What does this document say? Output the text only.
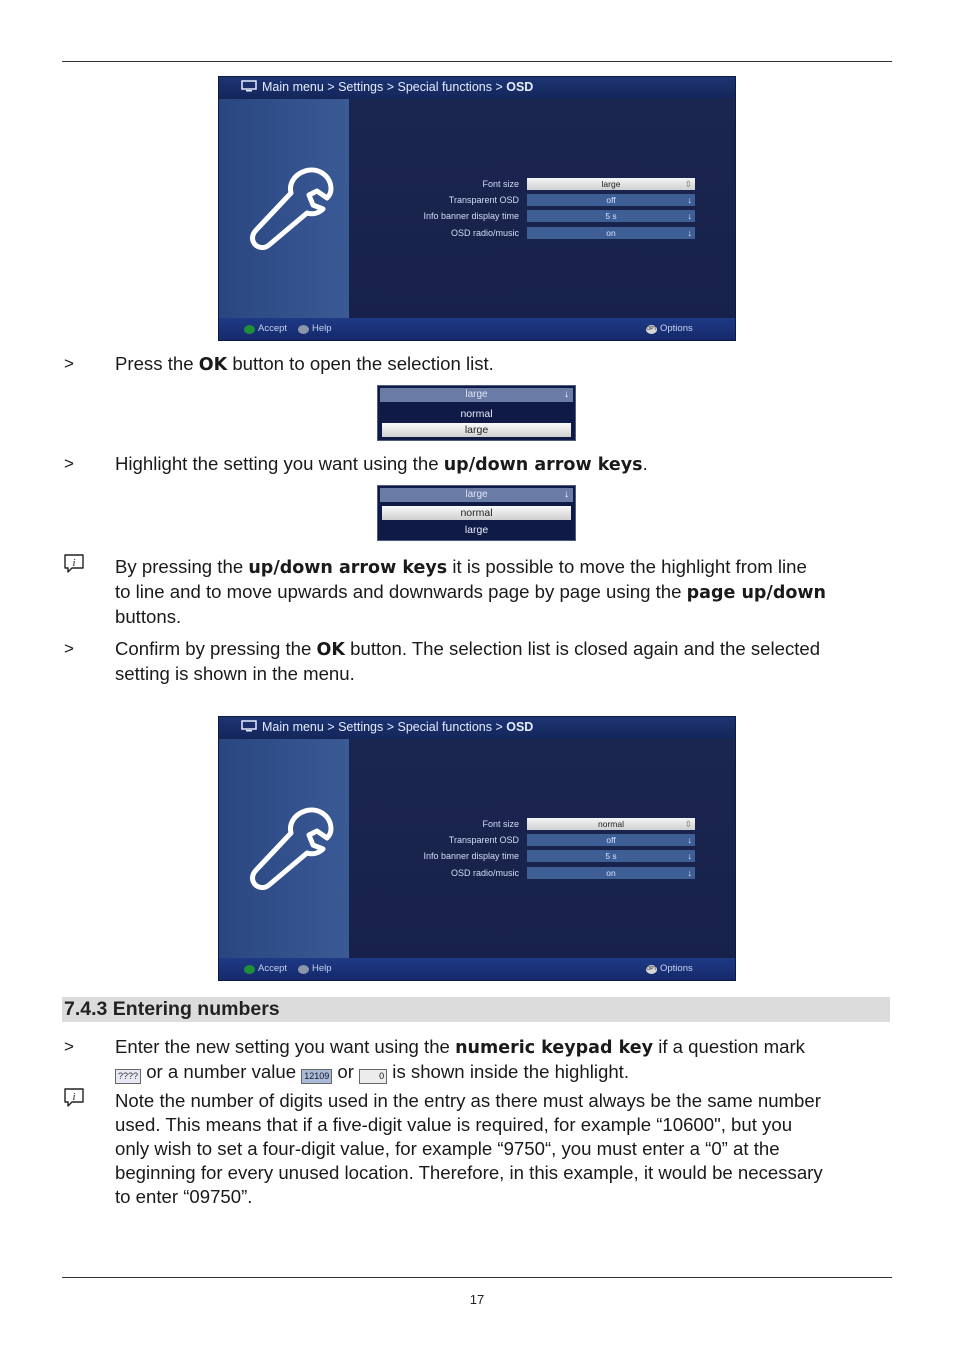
Main menu > Settings > Special functions > OSD
Font size	large	⇳
Transparent OSD	off	↓
Info banner display time	5 s	↓
OSD radio/music	on	↓
Accept	Help	OPT Options
> Press the OK button to open the selection list.
large	↓
normal
large
> Highlight the setting you want using the up/down arrow keys.
large	↓
normal
large
i By pressing the up/down arrow keys it is possible to move the highlight from line
to line and to move upwards and downwards page by page using the page up/down
buttons.
> Confirm by pressing the OK button. The selection list is closed again and the selected
setting is shown in the menu.
Main menu > Settings > Special functions > OSD
Font size	normal	⇳
Transparent OSD	off	↓
Info banner display time	5 s	↓
OSD radio/music	on	↓
Accept	Help	OPT Options
7.4.3 Entering numbers
> Enter the new setting you want using the numeric keypad key if a question mark
???? or a number value 12109 or 0 is shown inside the highlight.
i Note the number of digits used in the entry as there must always be the same number
used. This means that if a five-digit value is required, for example “10600", but you
only wish to set a four-digit value, for example “9750“, you must enter a “0” at the
beginning for every unused location. Therefore, in this example, it would be necessary
to enter “09750”.
17
